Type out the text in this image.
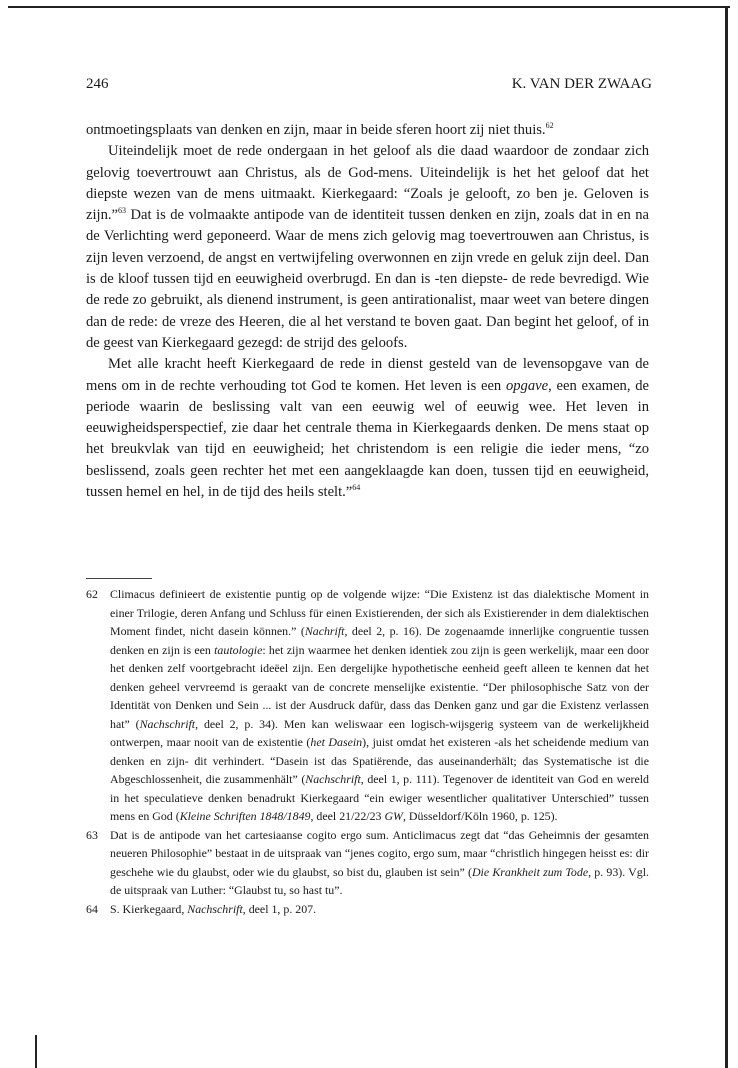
246	K. VAN DER ZWAAG

ontmoetingsplaats van denken en zijn, maar in beide sferen hoort zij niet thuis.$^{62}$

Uiteindelijk moet de rede ondergaan in het geloof als die daad waardoor de zondaar zich gelovig toevertrouwt aan Christus, als de God-mens. Uiteindelijk is het het geloof dat het diepste wezen van de mens uitmaakt. Kierkegaard: “Zoals je gelooft, zo ben je. Geloven is zijn.”$^{63}$ Dat is de volmaakte antipode van de identiteit tussen denken en zijn, zoals dat in en na de Verlichting werd geponeerd. Waar de mens zich gelovig mag toevertrouwen aan Christus, is zijn leven verzoend, de angst en vertwijfeling overwonnen en zijn vrede en geluk zijn deel. Dan is de kloof tussen tijd en eeuwigheid overbrugd. En dan is -ten diepste- de rede bevredigd. Wie de rede zo gebruikt, als dienend instrument, is geen antirationalist, maar weet van betere dingen dan de rede: de vreze des Heeren, die al het verstand te boven gaat. Dan begint het geloof, of in de geest van Kierkegaard gezegd: de strijd des geloofs.

Met alle kracht heeft Kierkegaard de rede in dienst gesteld van de levensopgave van de mens om in de rechte verhouding tot God te komen. Het leven is een opgave, een examen, de periode waarin de beslissing valt van een eeuwig wel of eeuwig wee. Het leven in eeuwigheidsperspectief, zie daar het centrale thema in Kierkegaards denken. De mens staat op het breukvlak van tijd en eeuwigheid; het christendom is een religie die ieder mens, “zo beslissend, zoals geen rechter het met een aangeklaagde kan doen, tussen tijd en eeuwigheid, tussen hemel en hel, in de tijd des heils stelt.”$^{64}$

62	Climacus definieert de existentie puntig op de volgende wijze: “Die Existenz ist das dialektische Moment in einer Trilogie, deren Anfang und Schluss für einen Existierenden, der sich als Existierender in dem dialektischen Moment findet, nicht dasein können.” (Nachrift, deel 2, p. 16). De zogenaamde innerlijke congruentie tussen denken en zijn is een tautologie: het zijn waarmee het denken identiek zou zijn is geen werkelijk, maar een door het denken zelf voortgebracht ideëel zijn. Een dergelijke hypothetische eenheid geeft alleen te kennen dat het denken geheel vervreemd is geraakt van de concrete menselijke existentie. “Der philosophische Satz von der Identität von Denken und Sein ... ist der Ausdruck dafür, dass das Denken ganz und gar die Existenz verlassen hat” (Nachschrift, deel 2, p. 34). Men kan weliswaar een logisch-wijsgerig systeem van de werkelijkheid ontwerpen, maar nooit van de existentie (het Dasein), juist omdat het existeren -als het scheidende medium van denken en zijn- dit verhindert. “Dasein ist das Spatiërende, das auseinanderhält; das Systematische ist die Abgeschlossenheit, die zusammenhält” (Nachschrift, deel 1, p. 111). Tegenover de identiteit van God en wereld in het speculatieve denken benadrukt Kierkegaard “ein ewiger wesentlicher qualitativer Unterschied” tussen mens en God (Kleine Schriften 1848/1849, deel 21/22/23 GW, Düsseldorf/Köln 1960, p. 125).
63	Dat is de antipode van het cartesiaanse cogito ergo sum. Anticlimacus zegt dat “das Geheimnis der gesamten neueren Philosophie” bestaat in de uitspraak van “jenes cogito, ergo sum, maar “christlich hingegen heisst es: dir geschehe wie du glaubst, oder wie du glaubst, so bist du, glauben ist sein” (Die Krankheit zum Tode, p. 93). Vgl. de uitspraak van Luther: “Glaubst tu, so hast tu”.
64	S. Kierkegaard, Nachschrift, deel 1, p. 207.
